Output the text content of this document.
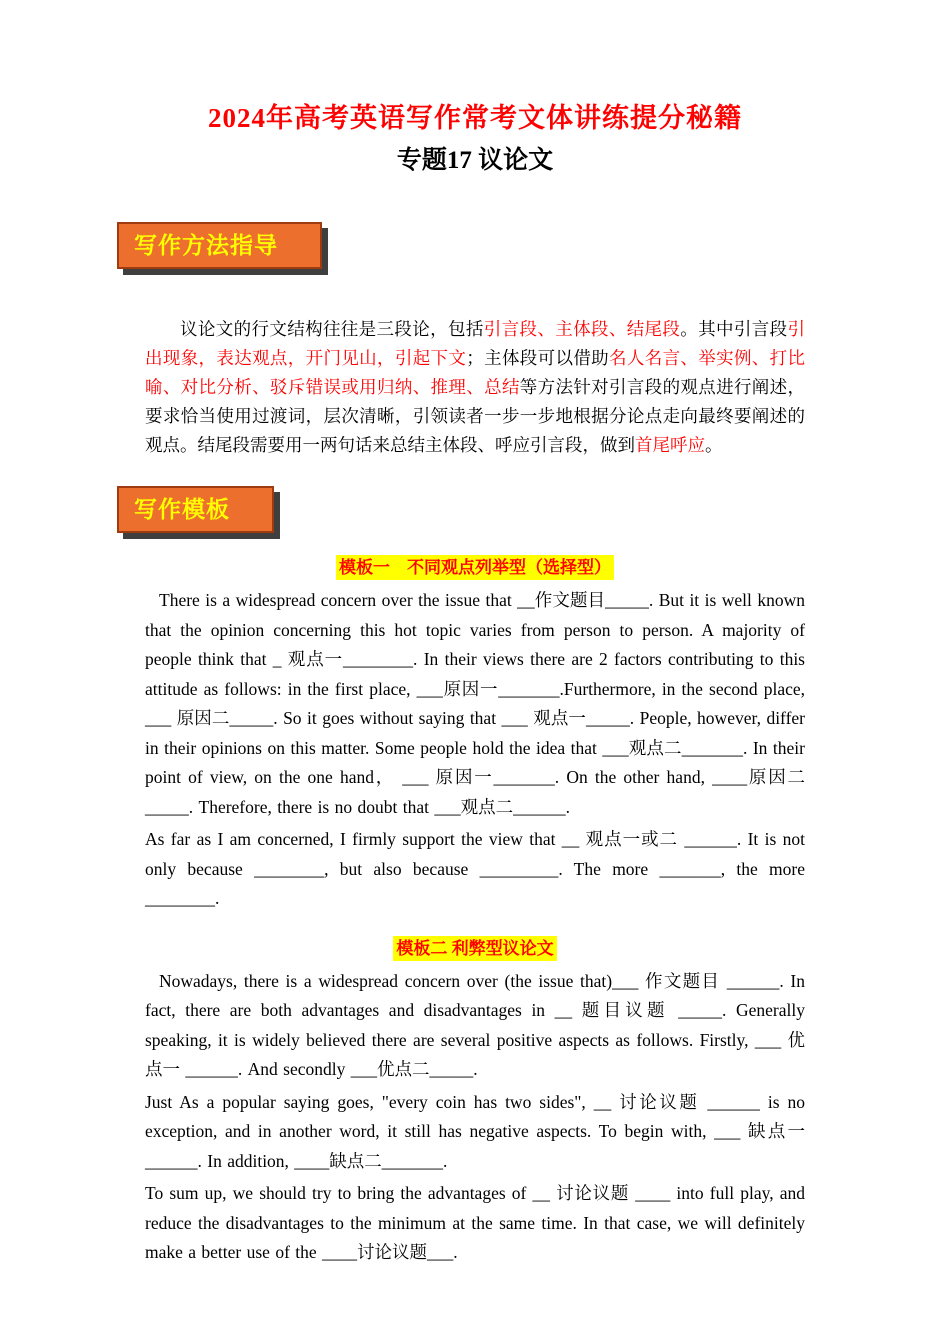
2024年高考英语写作常考文体讲练提分秘籍
专题17 议论文
写作方法指导

议论文的行文结构往往是三段论，包括引言段、主体段、结尾段。其中引言段引出现象，表达观点，开门见山，引起下文；主体段可以借助名人名言、举实例、打比喻、对比分析、驳斥错误或用归纳、推理、总结等方法针对引言段的观点进行阐述，要求恰当使用过渡词，层次清晰，引领读者一步一步地根据分论点走向最终要阐述的观点。结尾段需要用一两句话来总结主体段、呼应引言段，做到首尾呼应。

写作模板
模板一　不同观点列举型（选择型）

There is a widespread concern over the issue that __作文题目_____. But it is well known that the opinion concerning this hot topic varies from person to person. A majority of people think that _ 观点一________. In their views there are 2 factors contributing to this attitude as follows: in the first place, ___原因一_______.Furthermore, in the second place, ___ 原因二_____. So it goes without saying that ___ 观点一_____. People, however, differ in their opinions on this matter. Some people hold the idea that ___观点二_______. In their point of view, on the one hand， ___ 原因一_______. On the other hand, ____原因二_____. Therefore, there is no doubt that ___观点二______.

As far as I am concerned, I firmly support the view that __ 观点一或二 ______. It is not only because ________, but also because _________. The more _______, the more ________.

模板二 利弊型议论文

Nowadays, there is a widespread concern over (the issue that)___ 作文题目 ______. In fact, there are both advantages and disadvantages in __ 题目议题 _____. Generally speaking, it is widely believed there are several positive aspects as follows. Firstly, ___ 优点一 ______. And secondly ___优点二_____.

Just As a popular saying goes, "every coin has two sides", __ 讨论议题 ______ is no exception, and in another word, it still has negative aspects. To begin with, ___ 缺点一 ______. In addition, ____缺点二_______.

To sum up, we should try to bring the advantages of __ 讨论议题 ____ into full play, and reduce the disadvantages to the minimum at the same time. In that case, we will definitely make a better use of the ____讨论议题___.
